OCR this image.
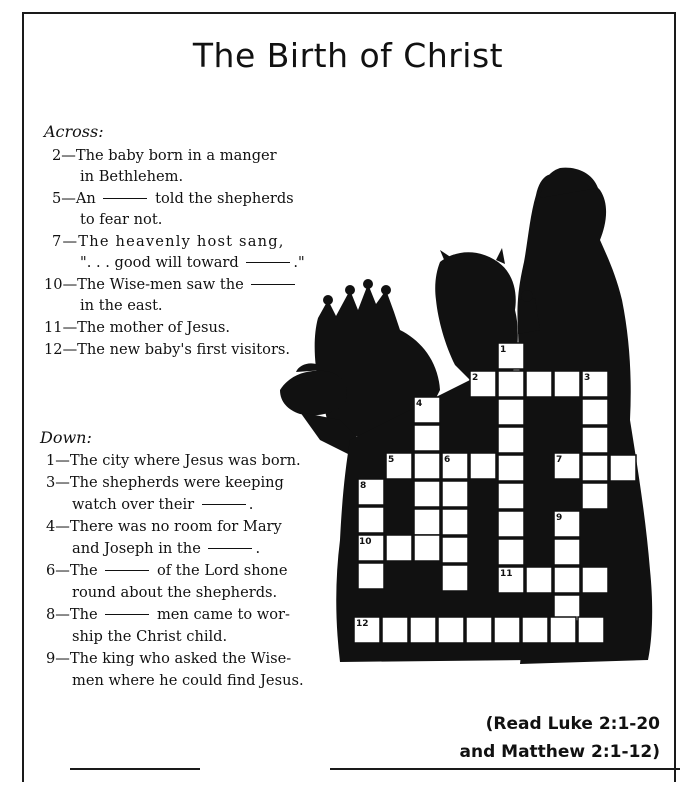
The Birth of Christ
1
2	3
4
5	6	7
8
9
10
11
12
Across:
2—The baby born in a manger
in Bethlehem.
5—An	told the shepherds
to fear not.
7—The heavenly host sang,
". . . good will toward	."
10—The Wise-men saw the
in the east.
11—The mother of Jesus.
12—The new baby's first visitors.
Down:
1—The city where Jesus was born.
3—The shepherds were keeping
watch over their	.
4—There was no room for Mary
and Joseph in the	.
6—The	of the Lord shone
round about the shepherds.
8—The	men came to wor-
ship the Christ child.
9—The king who asked the Wise-
men where he could find Jesus.
(Read Luke 2:1-20
and Matthew 2:1-12)
